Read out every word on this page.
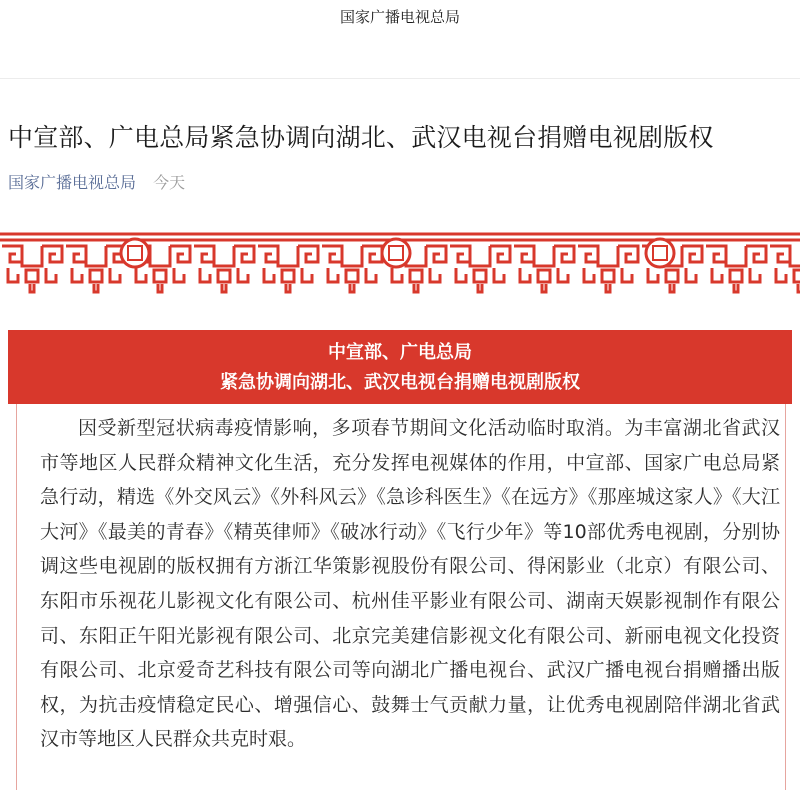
国家广播电视总局
中宣部、广电总局紧急协调向湖北、武汉电视台捐赠电视剧版权
国家广播电视总局 今天
中宣部、广电总局
紧急协调向湖北、武汉电视台捐赠电视剧版权
因受新型冠状病毒疫情影响，多项春节期间文化活动临时取消。为丰富湖北省武汉市等地区人民群众精神文化生活，充分发挥电视媒体的作用，中宣部、国家广电总局紧急行动，精选《外交风云》《外科风云》《急诊科医生》《在远方》《那座城这家人》《大江大河》《最美的青春》《精英律师》《破冰行动》《飞行少年》等10部优秀电视剧，分别协调这些电视剧的版权拥有方浙江华策影视股份有限公司、得闲影业（北京）有限公司、东阳市乐视花儿影视文化有限公司、杭州佳平影业有限公司、湖南天娱影视制作有限公司、东阳正午阳光影视有限公司、北京完美建信影视文化有限公司、新丽电视文化投资有限公司、北京爱奇艺科技有限公司等向湖北广播电视台、武汉广播电视台捐赠播出版权，为抗击疫情稳定民心、增强信心、鼓舞士气贡献力量，让优秀电视剧陪伴湖北省武汉市等地区人民群众共克时艰。
